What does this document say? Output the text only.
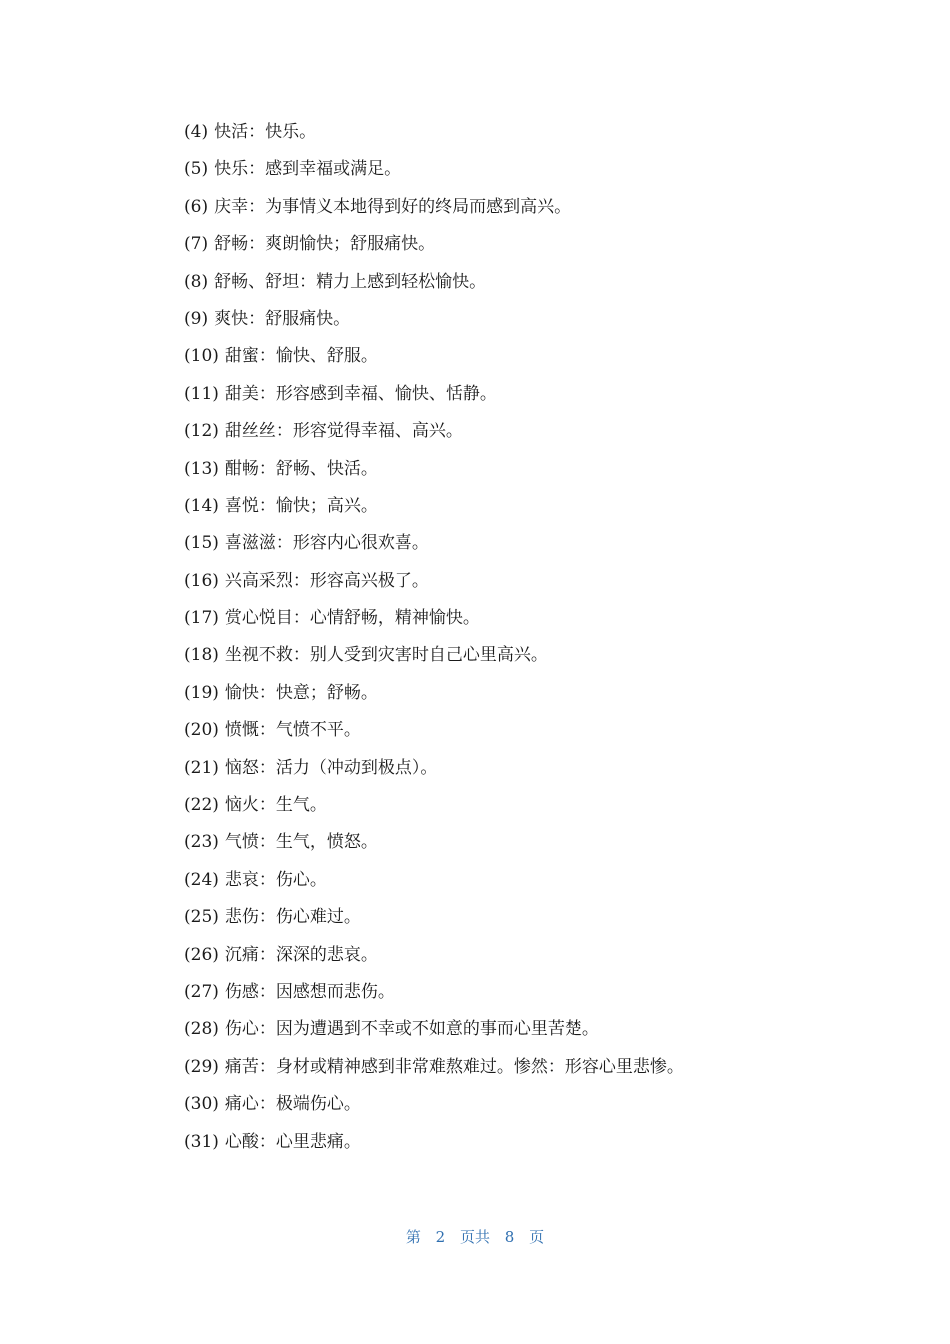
(4) 快活：快乐。
(5) 快乐：感到幸福或满足。
(6) 庆幸：为事情义本地得到好的终局而感到高兴。
(7) 舒畅：爽朗愉快；舒服痛快。
(8) 舒畅、舒坦：精力上感到轻松愉快。
(9) 爽快：舒服痛快。
(10) 甜蜜：愉快、舒服。
(11) 甜美：形容感到幸福、愉快、恬静。
(12) 甜丝丝：形容觉得幸福、高兴。
(13) 酣畅：舒畅、快活。
(14) 喜悦：愉快；高兴。
(15) 喜滋滋：形容内心很欢喜。
(16) 兴高采烈：形容高兴极了。
(17) 赏心悦目：心情舒畅，精神愉快。
(18) 坐视不救：别人受到灾害时自己心里高兴。
(19) 愉快：快意；舒畅。
(20) 愤慨：气愤不平。
(21) 恼怒：活力（冲动到极点）。
(22) 恼火：生气。
(23) 气愤：生气，愤怒。
(24) 悲哀：伤心。
(25) 悲伤：伤心难过。
(26) 沉痛：深深的悲哀。
(27) 伤感：因感想而悲伤。
(28) 伤心：因为遭遇到不幸或不如意的事而心里苦楚。
(29) 痛苦：身材或精神感到非常难熬难过。惨然：形容心里悲惨。
(30) 痛心：极端伤心。
(31) 心酸：心里悲痛。
第 2 页共 8 页
